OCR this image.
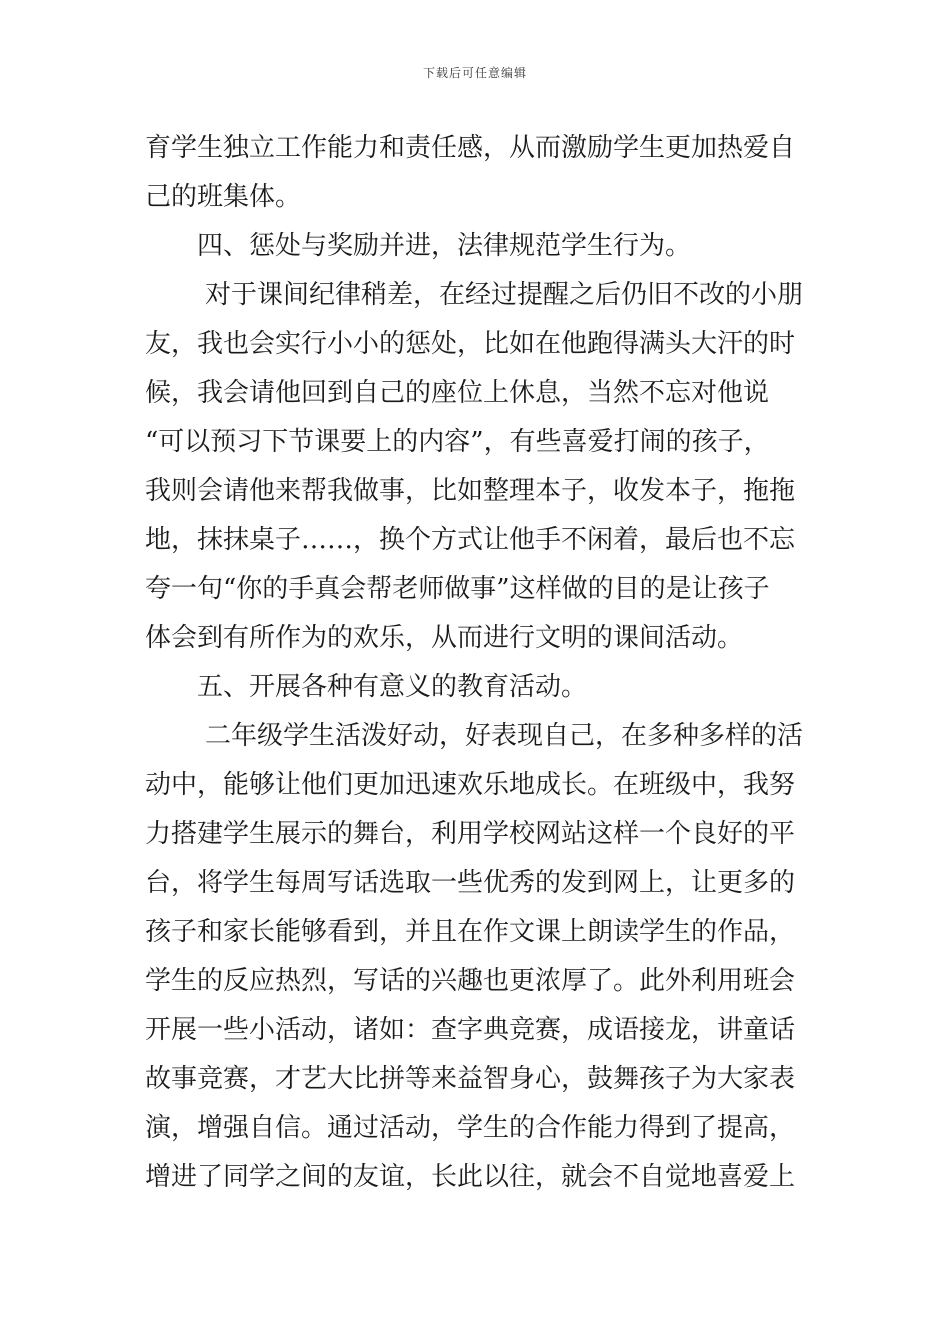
下载后可任意编辑
育学生独立工作能力和责任感，从而激励学生更加热爱自
己的班集体。
四、惩处与奖励并进，法律规范学生行为。
对于课间纪律稍差，在经过提醒之后仍旧不改的小朋
友，我也会实行小小的惩处，比如在他跑得满头大汗的时
候，我会请他回到自己的座位上休息，当然不忘对他说
“可以预习下节课要上的内容”，有些喜爱打闹的孩子，
我则会请他来帮我做事，比如整理本子，收发本子，拖拖
地，抹抹桌子……，换个方式让他手不闲着，最后也不忘
夸一句“你的手真会帮老师做事”这样做的目的是让孩子
体会到有所作为的欢乐，从而进行文明的课间活动。
五、开展各种有意义的教育活动。
二年级学生活泼好动，好表现自己，在多种多样的活
动中，能够让他们更加迅速欢乐地成长。在班级中，我努
力搭建学生展示的舞台，利用学校网站这样一个良好的平
台，将学生每周写话选取一些优秀的发到网上，让更多的
孩子和家长能够看到，并且在作文课上朗读学生的作品，
学生的反应热烈，写话的兴趣也更浓厚了。此外利用班会
开展一些小活动，诸如：查字典竞赛，成语接龙，讲童话
故事竞赛，才艺大比拼等来益智身心，鼓舞孩子为大家表
演，增强自信。通过活动，学生的合作能力得到了提高，
增进了同学之间的友谊，长此以往，就会不自觉地喜爱上
